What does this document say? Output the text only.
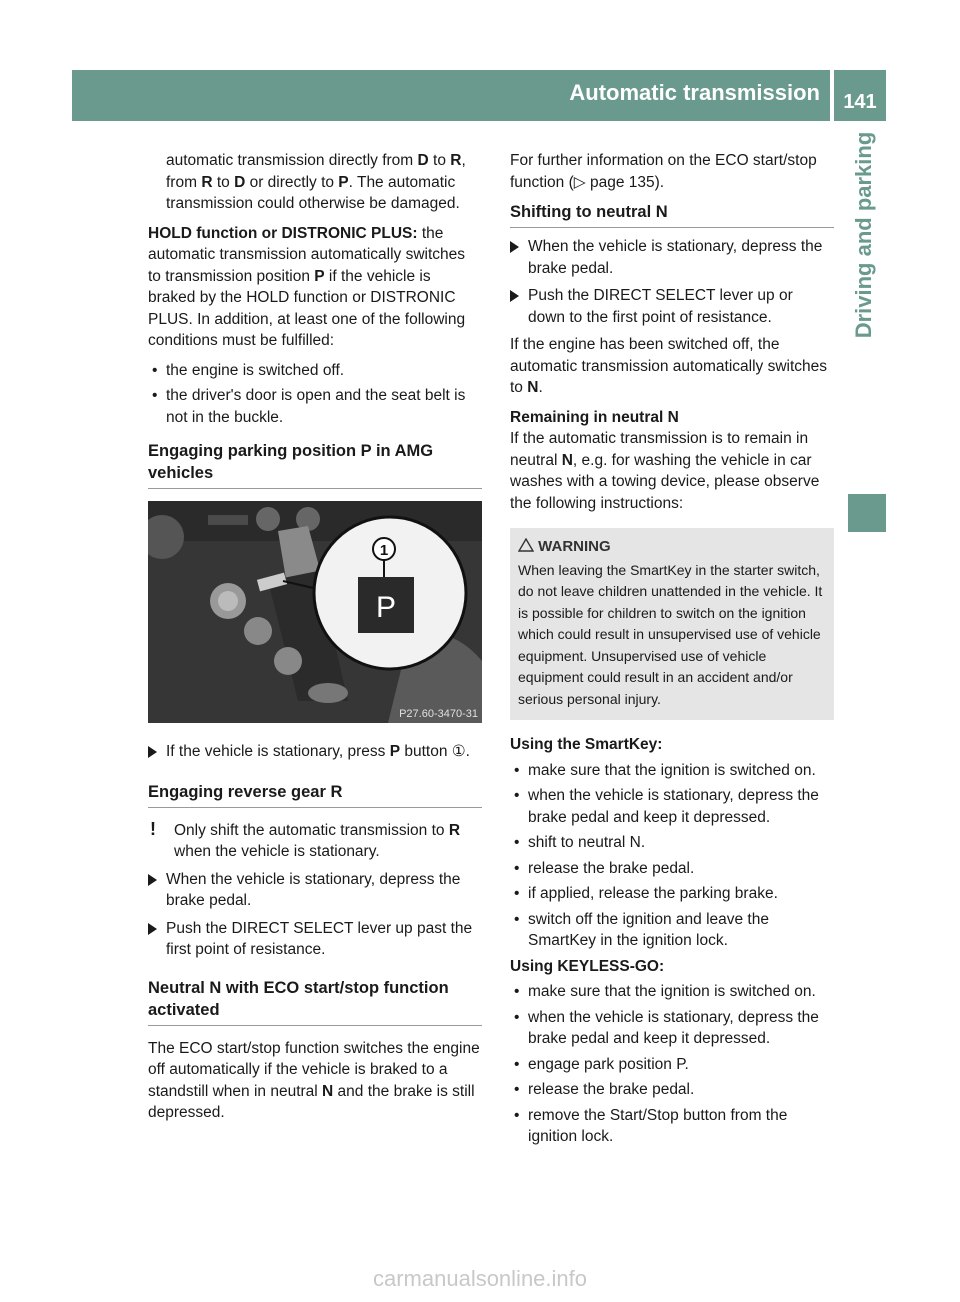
Automatic transmission	141
Driving and parking

automatic transmission directly from D to R, from R to D or directly to P. The automatic transmission could otherwise be damaged.

HOLD function or DISTRONIC PLUS: the automatic transmission automatically switches to transmission position P if the vehicle is braked by the HOLD function or DISTRONIC PLUS. In addition, at least one of the following conditions must be fulfilled:

• the engine is switched off.
• the driver's door is open and the seat belt is not in the buckle.
Engaging parking position P in AMG vehicles
1
P
P27.60-3470-31
If the vehicle is stationary, press P button ①.
Engaging reverse gear R
! Only shift the automatic transmission to R when the vehicle is stationary.
When the vehicle is stationary, depress the brake pedal.
Push the DIRECT SELECT lever up past the first point of resistance.
Neutral N with ECO start/stop function activated

The ECO start/stop function switches the engine off automatically if the vehicle is braked to a standstill when in neutral N and the brake is still depressed.

For further information on the ECO start/stop function (▷ page 135).

Shifting to neutral N
When the vehicle is stationary, depress the brake pedal.
Push the DIRECT SELECT lever up or down to the first point of resistance.

If the engine has been switched off, the automatic transmission automatically switches to N.

Remaining in neutral N

If the automatic transmission is to remain in neutral N, e.g. for washing the vehicle in car washes with a towing device, please observe the following instructions:

WARNING
When leaving the SmartKey in the starter switch, do not leave children unattended in the vehicle. It is possible for children to switch on the ignition which could result in unsupervised use of vehicle equipment. Unsupervised use of vehicle equipment could result in an accident and/or serious personal injury.

Using the SmartKey:

• make sure that the ignition is switched on.
• when the vehicle is stationary, depress the brake pedal and keep it depressed.
• shift to neutral N.
• release the brake pedal.
• if applied, release the parking brake.
• switch off the ignition and leave the SmartKey in the ignition lock.

Using KEYLESS-GO:

• make sure that the ignition is switched on.
• when the vehicle is stationary, depress the brake pedal and keep it depressed.
• engage park position P.
• release the brake pedal.
• remove the Start/Stop button from the ignition lock.
carmanualsonline.info
